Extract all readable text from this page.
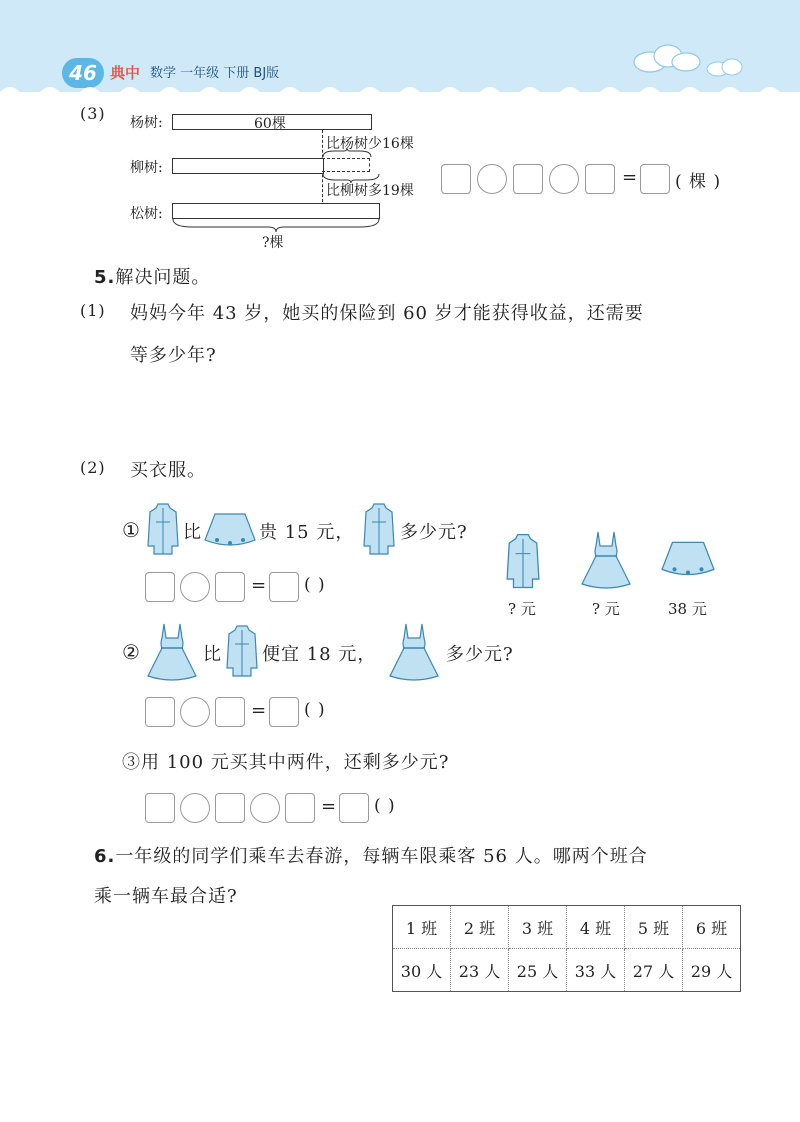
46 典中 数学 一年级 下册 BJ版
(3) 杨树:	60棵
比杨树少16棵
柳树:
比柳树多19棵
松树:
?棵
= ( 棵 )
5.解决问题。
(1) 妈妈今年 43 岁，她买的保险到 60 岁才能获得收益，还需要
等多少年?
(2) 买衣服。
① 比	贵 15 元，	多少元?
= ( )
? 元	? 元	38 元
②	比 便宜 18 元，	多少元?
= ( )
③用 100 元买其中两件，还剩多少元?
= ( )
6.一年级的同学们乘车去春游，每辆车限乘客 56 人。哪两个班合
乘一辆车最合适?
1 班	2 班	3 班	4 班	5 班	6 班
30 人	23 人	25 人	33 人	27 人	29 人
